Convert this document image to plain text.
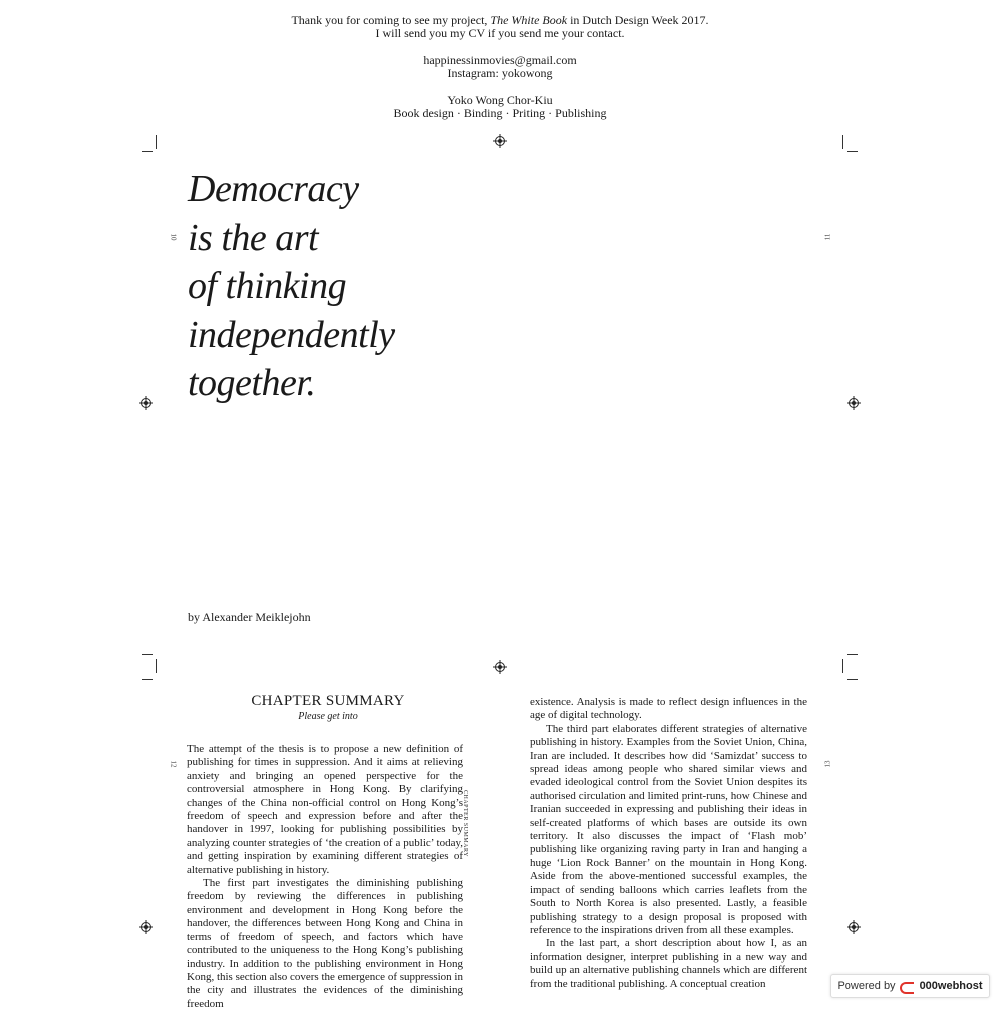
Thank you for coming to see my project, The White Book in Dutch Design Week 2017.

I will send you my CV if you send me your contact.

happinessinmovies@gmail.com

Instagram: yokowong

Yoko Wong Chor-Kiu

Book design · Binding · Priting · Publishing

10	11
Democracy
is the art
of thinking
independently
together.
by Alexander Meiklejohn
12	13
CHAPTER SUMMARY
Please get into
CHAPTER SUMMARY

The attempt of the thesis is to propose a new definition of publishing for times in suppression. And it aims at relieving anxiety and bringing an opened perspective for the controversial atmosphere in Hong Kong. By clarifying changes of the China non-official control on Hong Kong’s freedom of speech and expression before and after the handover in 1997, looking for publishing possibilities by analyzing counter strategies of ‘the creation of a public’ today, and getting inspiration by examining different strategies of alternative publishing in history.

The first part investigates the diminishing publishing freedom by reviewing the differences in publishing environment and development in Hong Kong before the handover, the differences between Hong Kong and China in terms of freedom of speech, and factors which have contributed to the uniqueness to the Hong Kong’s publishing industry. In addition to the publishing environment in Hong Kong, this section also covers the emergence of suppression in the city and illustrates the evidences of the diminishing freedom

existence. Analysis is made to reflect design influences in the age of digital technology.

The third part elaborates different strategies of alternative publishing in history. Examples from the Soviet Union, China, Iran are included. It describes how did ‘Samizdat’ success to spread ideas among people who shared similar views and evaded ideological control from the Soviet Union despites its authorised circulation and limited print-runs, how Chinese and Iranian succeeded in expressing and publishing their ideas in self-created platforms of which bases are outside its own territory. It also discusses the impact of ‘Flash mob’ publishing like organizing raving party in Iran and hanging a huge ‘Lion Rock Banner’ on the mountain in Hong Kong. Aside from the above-mentioned successful examples, the impact of sending balloons which carries leaflets from the South to North Korea is also presented. Lastly, a feasible publishing strategy to a design proposal is proposed with reference to the inspirations driven from all these examples.

In the last part, a short description about how I, as an information designer, interpret publishing in a new way and build up an alternative publishing channels which are different from the traditional publishing. A conceptual creation	Powered by 000webhost
